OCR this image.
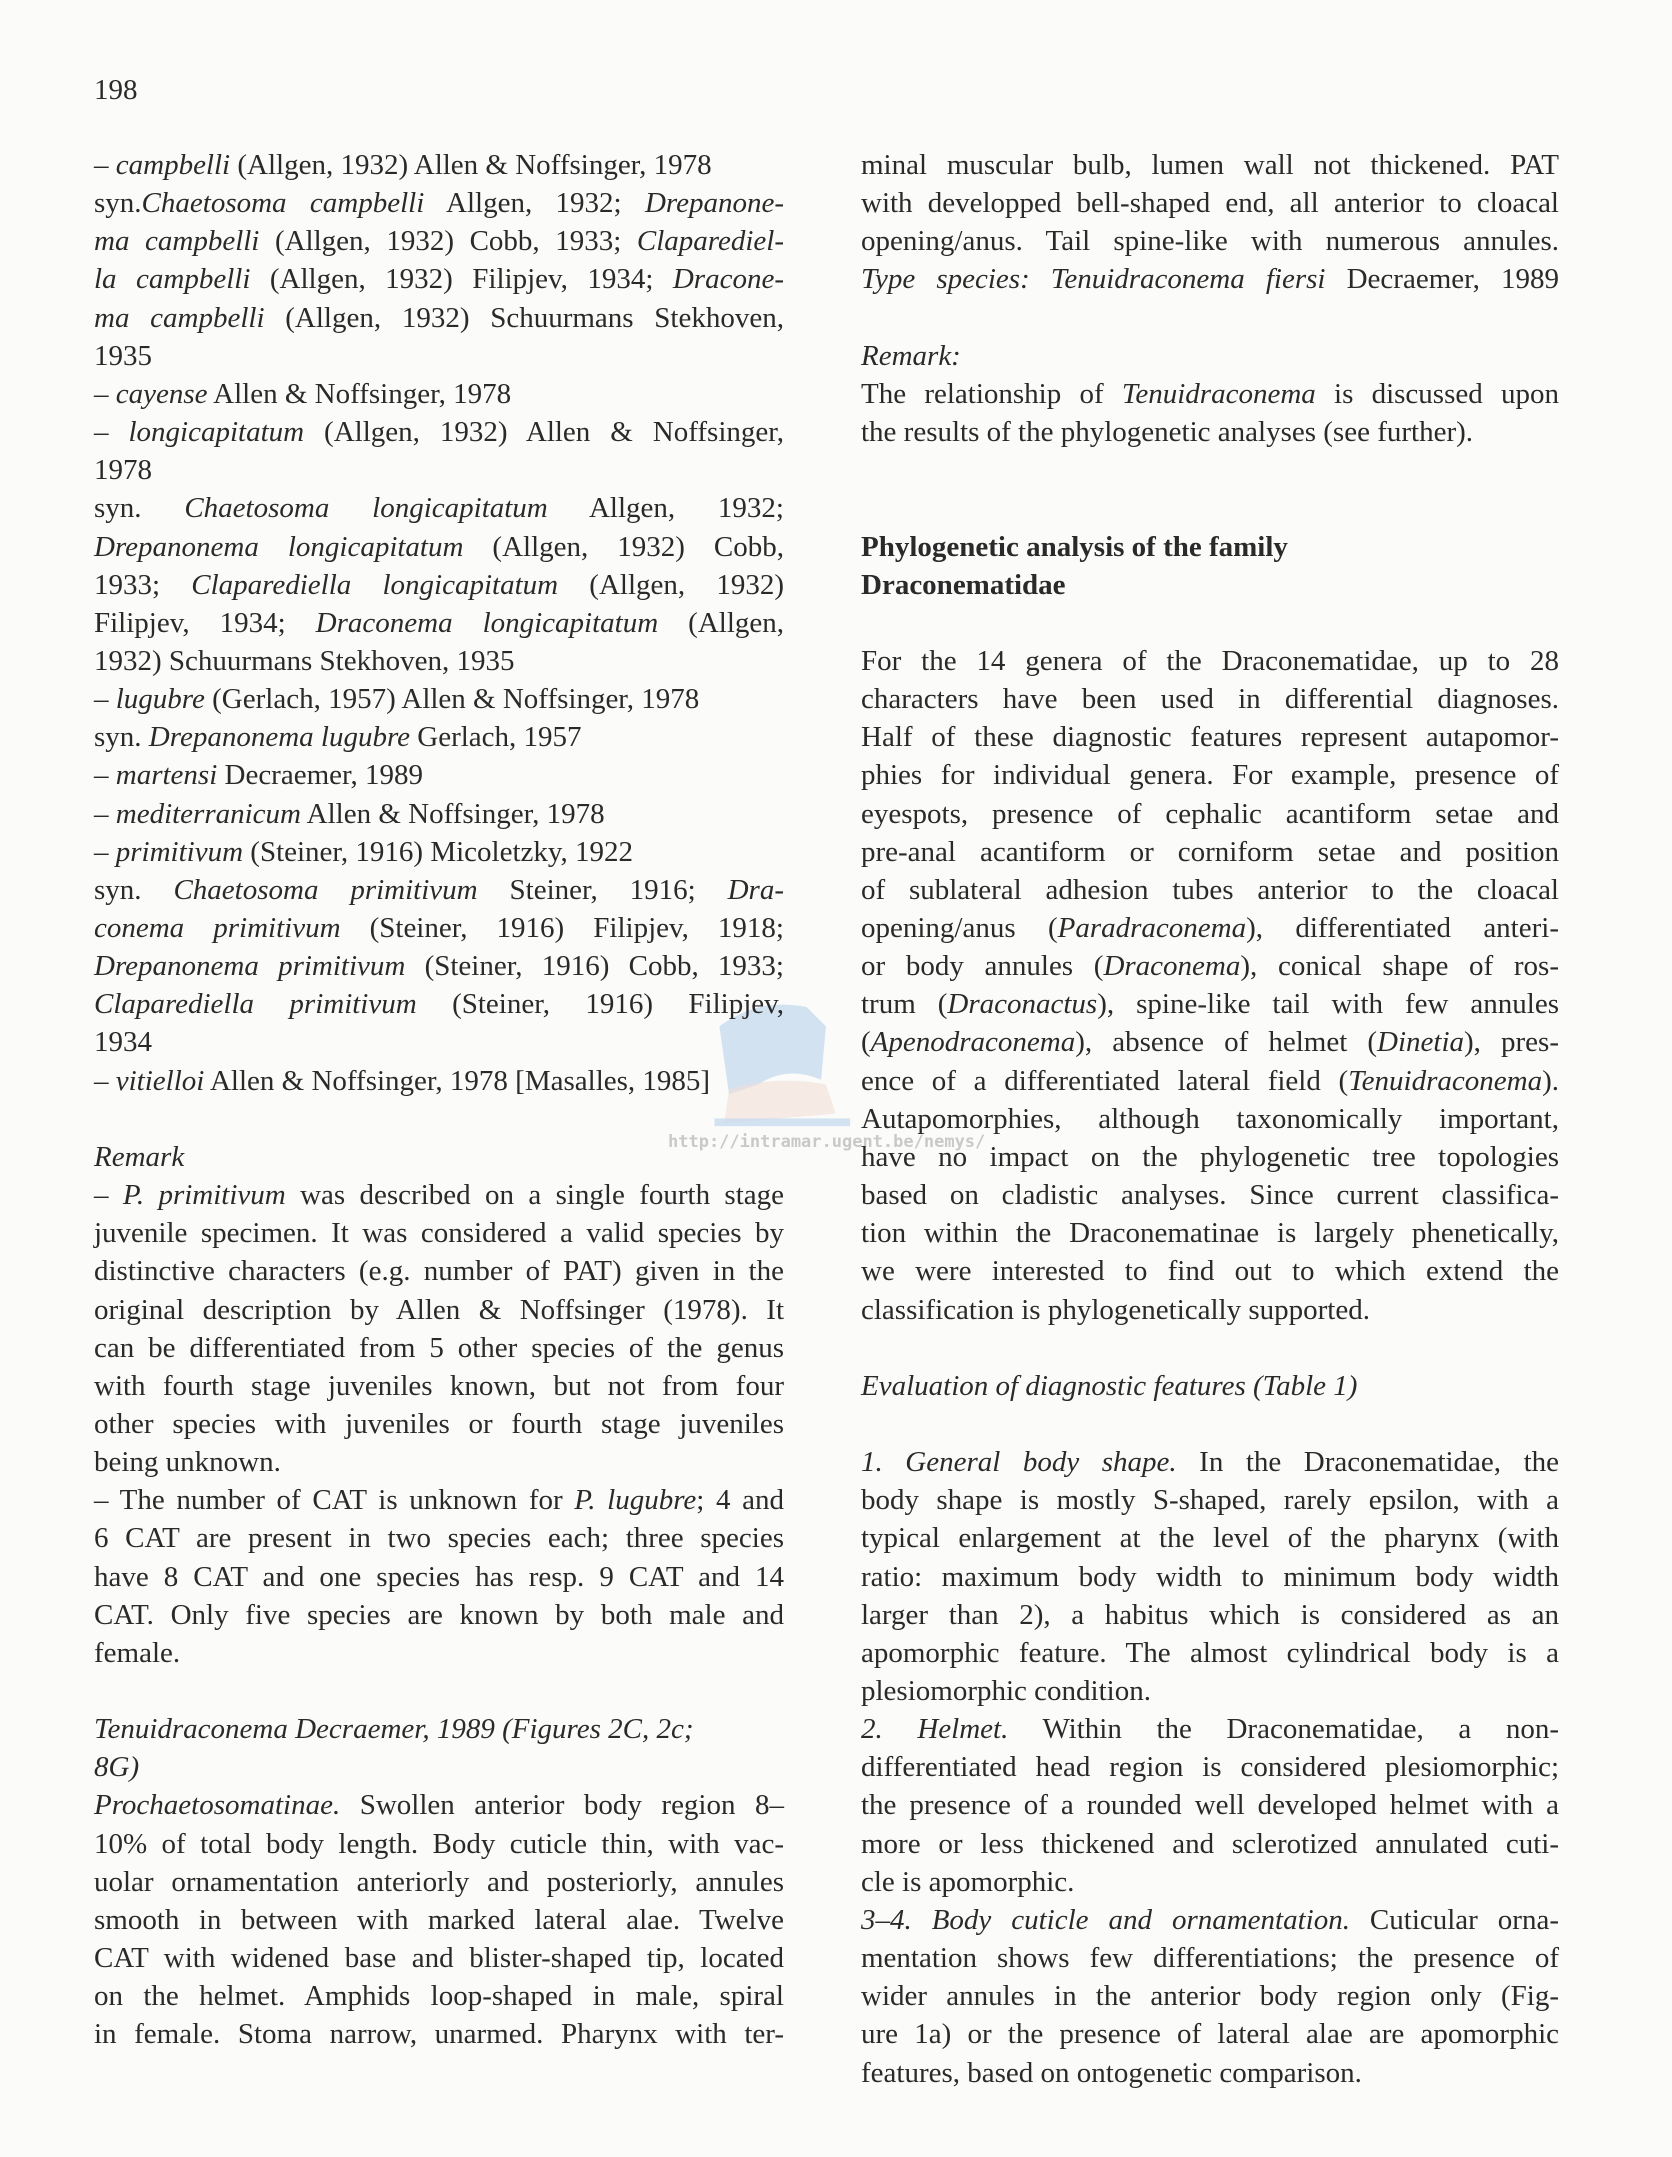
198
http://intramar.ugent.be/nemys/
– campbelli (Allgen, 1932) Allen & Noffsinger, 1978
syn.Chaetosoma campbelli Allgen, 1932; Drepanone-
ma campbelli (Allgen, 1932) Cobb, 1933; Claparediel-
la campbelli (Allgen, 1932) Filipjev, 1934; Dracone-
ma campbelli (Allgen, 1932) Schuurmans Stekhoven,
1935
– cayense Allen & Noffsinger, 1978
– longicapitatum (Allgen, 1932) Allen & Noffsinger,
1978
syn. Chaetosoma longicapitatum Allgen, 1932;
Drepanonema longicapitatum (Allgen, 1932) Cobb,
1933; Claparediella longicapitatum (Allgen, 1932)
Filipjev, 1934; Draconema longicapitatum (Allgen,
1932) Schuurmans Stekhoven, 1935
– lugubre (Gerlach, 1957) Allen & Noffsinger, 1978
syn. Drepanonema lugubre Gerlach, 1957
– martensi Decraemer, 1989
– mediterranicum Allen & Noffsinger, 1978
– primitivum (Steiner, 1916) Micoletzky, 1922
syn. Chaetosoma primitivum Steiner, 1916; Dra-
conema primitivum (Steiner, 1916) Filipjev, 1918;
Drepanonema primitivum (Steiner, 1916) Cobb, 1933;
Claparediella primitivum (Steiner, 1916) Filipjev,
1934
– vitielloi Allen & Noffsinger, 1978 [Masalles, 1985]
Remark
– P. primitivum was described on a single fourth stage
juvenile specimen. It was considered a valid species by
distinctive characters (e.g. number of PAT) given in the
original description by Allen & Noffsinger (1978). It
can be differentiated from 5 other species of the genus
with fourth stage juveniles known, but not from four
other species with juveniles or fourth stage juveniles
being unknown.
– The number of CAT is unknown for P. lugubre; 4 and
6 CAT are present in two species each; three species
have 8 CAT and one species has resp. 9 CAT and 14
CAT. Only five species are known by both male and
female.
Tenuidraconema Decraemer, 1989 (Figures 2C, 2c;
8G)
Prochaetosomatinae. Swollen anterior body region 8–
10% of total body length. Body cuticle thin, with vac-
uolar ornamentation anteriorly and posteriorly, annules
smooth in between with marked lateral alae. Twelve
CAT with widened base and blister-shaped tip, located
on the helmet. Amphids loop-shaped in male, spiral
in female. Stoma narrow, unarmed. Pharynx with ter-
minal muscular bulb, lumen wall not thickened. PAT
with developped bell-shaped end, all anterior to cloacal
opening/anus. Tail spine-like with numerous annules.
Type species: Tenuidraconema fiersi Decraemer, 1989
Remark:
The relationship of Tenuidraconema is discussed upon
the results of the phylogenetic analyses (see further).
Phylogenetic analysis of the family
Draconematidae
For the 14 genera of the Draconematidae, up to 28
characters have been used in differential diagnoses.
Half of these diagnostic features represent autapomor-
phies for individual genera. For example, presence of
eyespots, presence of cephalic acantiform setae and
pre-anal acantiform or corniform setae and position
of sublateral adhesion tubes anterior to the cloacal
opening/anus (Paradraconema), differentiated anteri-
or body annules (Draconema), conical shape of ros-
trum (Draconactus), spine-like tail with few annules
(Apenodraconema), absence of helmet (Dinetia), pres-
ence of a differentiated lateral field (Tenuidraconema).
Autapomorphies, although taxonomically important,
have no impact on the phylogenetic tree topologies
based on cladistic analyses. Since current classifica-
tion within the Draconematinae is largely phenetically,
we were interested to find out to which extend the
classification is phylogenetically supported.
Evaluation of diagnostic features (Table 1)
1. General body shape. In the Draconematidae, the
body shape is mostly S-shaped, rarely epsilon, with a
typical enlargement at the level of the pharynx (with
ratio: maximum body width to minimum body width
larger than 2), a habitus which is considered as an
apomorphic feature. The almost cylindrical body is a
plesiomorphic condition.
2. Helmet. Within the Draconematidae, a non-
differentiated head region is considered plesiomorphic;
the presence of a rounded well developed helmet with a
more or less thickened and sclerotized annulated cuti-
cle is apomorphic.
3–4. Body cuticle and ornamentation. Cuticular orna-
mentation shows few differentiations; the presence of
wider annules in the anterior body region only (Fig-
ure 1a) or the presence of lateral alae are apomorphic
features, based on ontogenetic comparison.
